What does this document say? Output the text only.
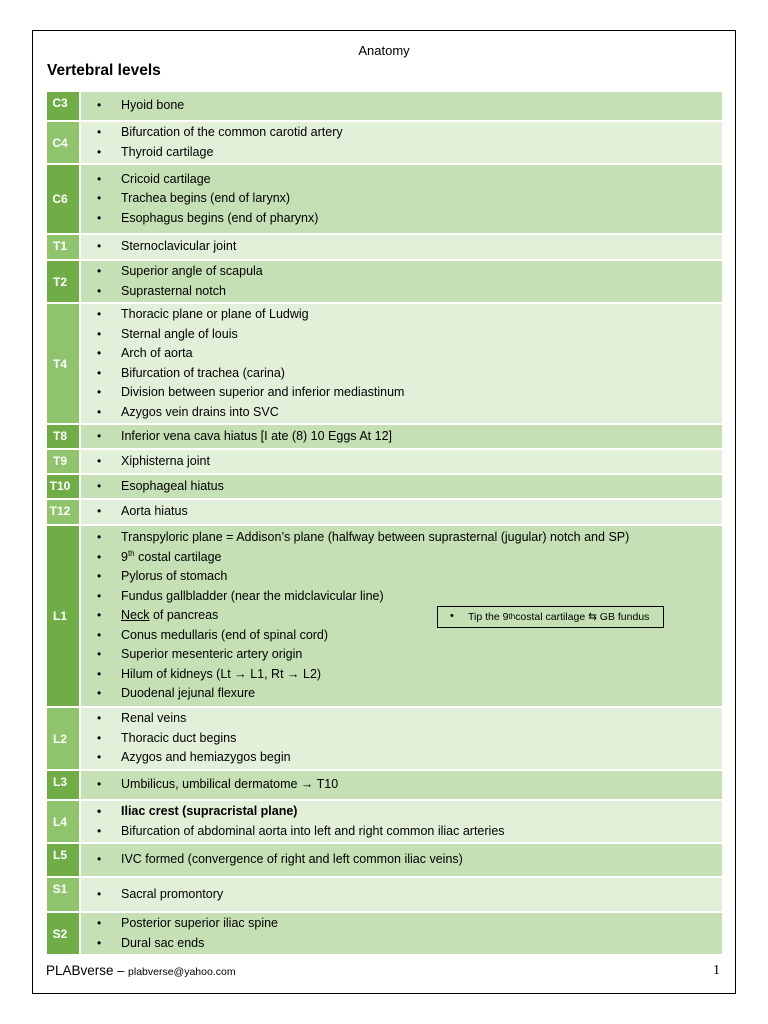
Anatomy
Vertebral levels
C3	• Hyoid bone
C4
• Bifurcation of the common carotid artery
• Thyroid cartilage
C6
• Cricoid cartilage
• Trachea begins (end of larynx)
• Esophagus begins (end of pharynx)
T1	• Sternoclavicular joint
T2
• Superior angle of scapula
• Suprasternal notch
T4
• Thoracic plane or plane of Ludwig
• Sternal angle of louis
• Arch of aorta
• Bifurcation of trachea (carina)
• Division between superior and inferior mediastinum
• Azygos vein drains into SVC
T8	• Inferior vena cava hiatus [I ate (8) 10 Eggs At 12]
T9	• Xiphisterna joint
T10	• Esophageal hiatus
T12	• Aorta hiatus
L1
• Transpyloric plane = Addison’s plane (halfway between suprasternal (jugular) notch and SP)
• 9th costal cartilage
• Pylorus of stomach
• Fundus gallbladder (near the midclavicular line)
• Neck of pancreas
• Conus medullaris (end of spinal cord)
• Superior mesenteric artery origin
• Hilum of kidneys (Lt → L1, Rt → L2)
• Duodenal jejunal flexure
• Tip the 9 th costal cartilage ⇆ GB fundus
L2
• Renal veins
• Thoracic duct begins
• Azygos and hemiazygos begin
L3	• Umbilicus, umbilical dermatome → T10
L4
• Iliac crest (supracristal plane)
• Bifurcation of abdominal aorta into left and right common iliac arteries
L5	• IVC formed (convergence of right and left common iliac veins)
S1	• Sacral promontory
S2
• Posterior superior iliac spine
• Dural sac ends
PLABverse – plabverse@yahoo.com	1
